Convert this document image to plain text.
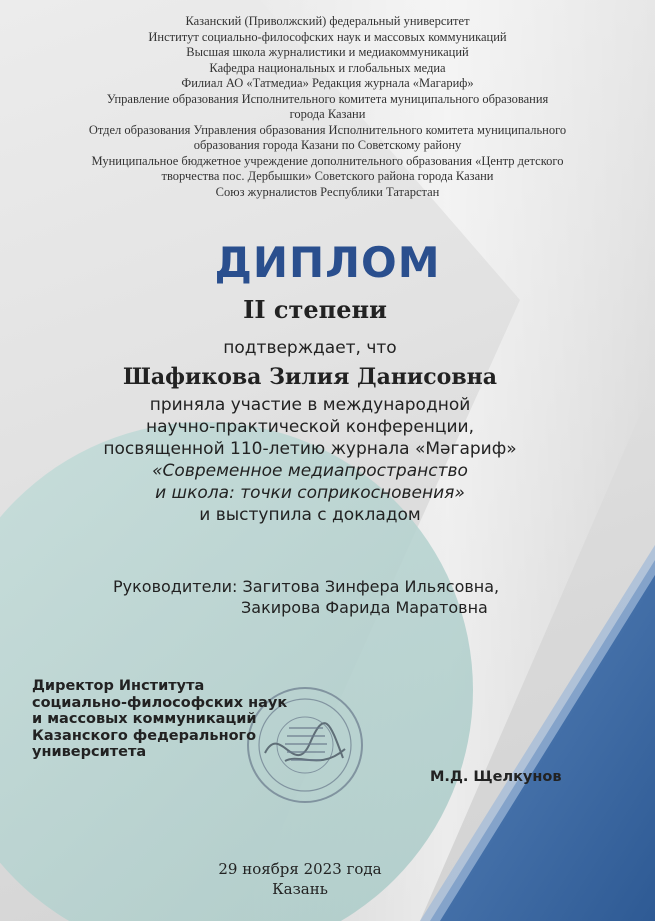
Казанский (Приволжский) федеральный университет
Институт социально-философских наук и массовых коммуникаций
Высшая школа журналистики и медиакоммуникаций
Кафедра национальных и глобальных медиа
Филиал АО «Татмедиа» Редакция журнала «Магариф»
Управление образования Исполнительного комитета муниципального образования
города Казани
Отдел образования Управления образования Исполнительного комитета муниципального
образования города Казани по Советскому району
Муниципальное бюджетное учреждение дополнительного образования «Центр детского
творчества пос. Дербышки» Советского района города Казани
Союз журналистов Республики Татарстан
ДИПЛОМ
II степени
подтверждает, что
Шафикова Зилия Данисовна
приняла участие в международной
научно-практической конференции,
посвященной 110-летию журнала «Мәгариф»
«Современное медиапространство
и школа: точки соприкосновения»
и выступила с докладом
Руководители: Загитова Зинфера Ильясовна,
Закирова Фарида Маратовна
Директор Института
социально-философских наук
и массовых коммуникаций
Казанского федерального
университета
М.Д. Щелкунов
29 ноября 2023 года
Казань
